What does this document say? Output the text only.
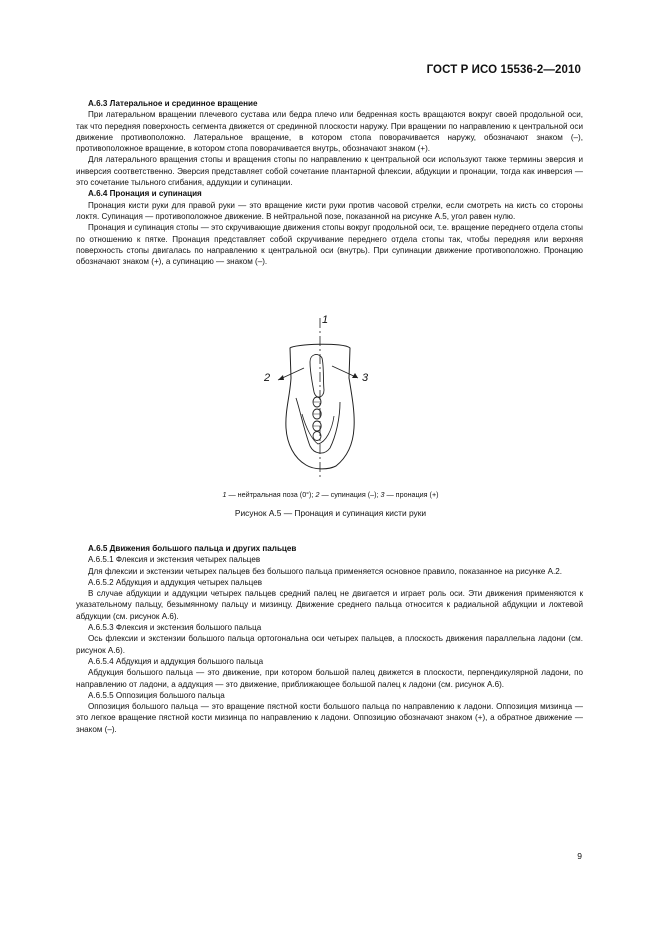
ГОСТ Р ИСО 15536-2—2010

А.6.3 Латеральное и срединное вращение

При латеральном вращении плечевого сустава или бедра плечо или бедренная кость вращаются вокруг своей продольной оси, так что передняя поверхность сегмента движется от срединной плоскости наружу. При вращении по направлению к центральной оси движение противоположно. Латеральное вращение, в котором стопа поворачивается наружу, обозначают знаком (–), противоположное вращение, в котором стопа поворачивается внутрь, обозначают знаком (+).

Для латерального вращения стопы и вращения стопы по направлению к центральной оси используют также термины эверсия и инверсия соответственно. Эверсия представляет собой сочетание плантарной флексии, абдукции и пронации, тогда как инверсия — это сочетание тыльного сгибания, аддукции и супинации.

А.6.4 Пронация и супинация

Пронация кисти руки для правой руки — это вращение кисти руки против часовой стрелки, если смотреть на кисть со стороны локтя. Супинация — противоположное движение. В нейтральной позе, показанной на рисунке А.5, угол равен нулю.

Пронация и супинация стопы — это скручивающие движения стопы вокруг продольной оси, т.е. вращение переднего отдела стопы по отношению к пятке. Пронация представляет собой скручивание переднего отдела стопы так, чтобы передняя или верхняя поверхность стопы двигалась по направлению к центральной оси (внутрь). При супинации движение противоположно. Пронацию обозначают знаком (+), а супинацию — знаком (–).

1
2	3
1 — нейтральная поза (0°); 2 — супинация (–); 3 — пронация (+)
Рисунок А.5 — Пронация и супинация кисти руки

А.6.5 Движения большого пальца и других пальцев

А.6.5.1 Флексия и экстензия четырех пальцев

Для флексии и экстензии четырех пальцев без большого пальца применяется основное правило, показанное на рисунке А.2.

А.6.5.2 Абдукция и аддукция четырех пальцев

В случае абдукции и аддукции четырех пальцев средний палец не двигается и играет роль оси. Эти движения применяются к указательному пальцу, безымянному пальцу и мизинцу. Движение среднего пальца относится к радиальной абдукции и локтевой абдукции (см. рисунок А.6).

А.6.5.3 Флексия и экстензия большого пальца

Ось флексии и экстензии большого пальца ортогональна оси четырех пальцев, а плоскость движения параллельна ладони (см. рисунок А.6).

А.6.5.4 Абдукция и аддукция большого пальца

Абдукция большого пальца — это движение, при котором большой палец движется в плоскости, перпендикулярной ладони, по направлению от ладони, а аддукция — это движение, приближающее большой палец к ладони (см. рисунок А.6).

А.6.5.5 Оппозиция большого пальца

Оппозиция большого пальца — это вращение пястной кости большого пальца по направлению к ладони. Оппозиция мизинца — это легкое вращение пястной кости мизинца по направлению к ладони. Оппозицию обозначают знаком (+), а обратное движение — знаком (–).

9
